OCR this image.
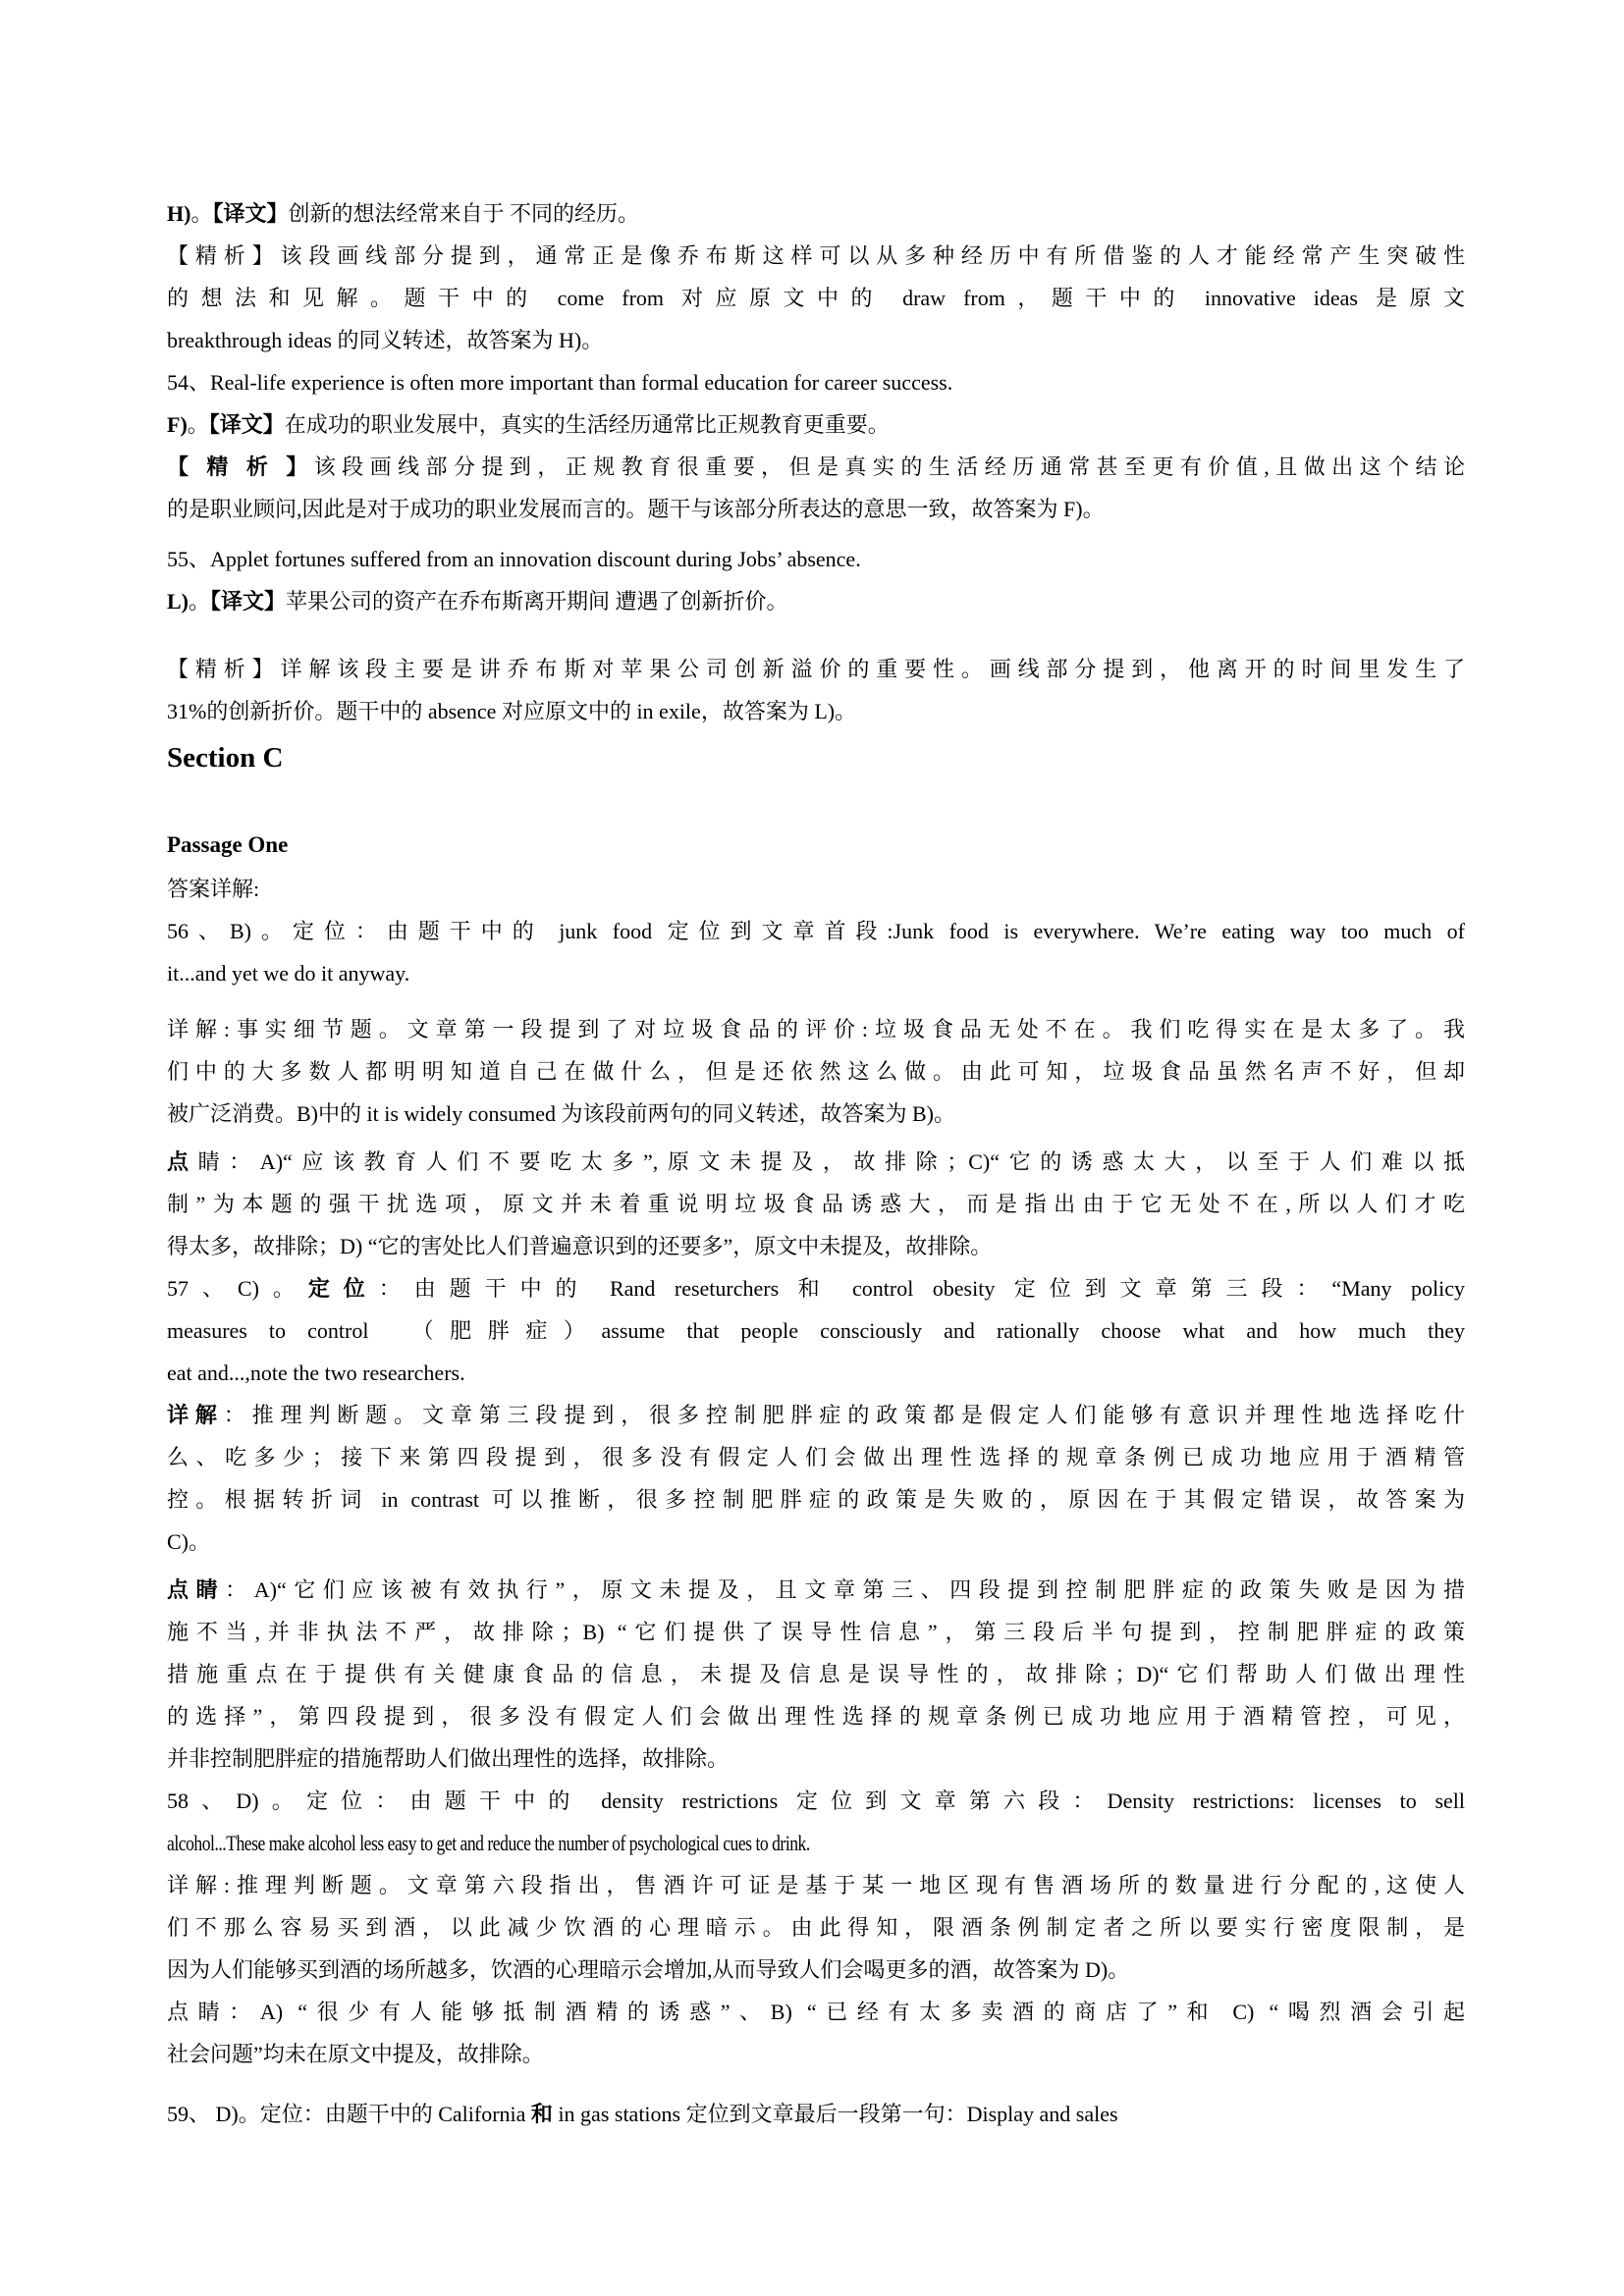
H)。【译文】创新的想法经常来自于 不同的经历。
【精析】该段画线部分提到，通常正是像乔布斯这样可以从多种经历中有所借鉴的人才能经常产生突破性
的想法和见解。题干中的 come from 对应原文中的 draw from，题干中的 innovative ideas 是原文
breakthrough ideas 的同义转述，故答案为 H)。
54、Real-life experience is often more important than formal education for career success.
F)。【译文】在成功的职业发展中，真实的生活经历通常比正规教育更重要。
【 精 析 】该段画线部分提到，正规教育很重要，但是真实的生活经历通常甚至更有价值,且做出这个结论
的是职业顾问,因此是对于成功的职业发展而言的。题干与该部分所表达的意思一致，故答案为 F)。
55、Applet fortunes suffered from an innovation discount during Jobs’ absence.
L)。【译文】苹果公司的资产在乔布斯离开期间 遭遇了创新折价。
【精析】详解该段主要是讲乔布斯对苹果公司创新溢价的重要性。画线部分提到，他离开的时间里发生了
31%的创新折价。题干中的 absence 对应原文中的 in exile，故答案为 L)。
Section C
Passage One
答案详解:
56、B)。定位：由题干中的 junk food 定位到文章首段:Junk food is everywhere. We’re eating way too much of
it...and yet we do it anyway.
详解:事实细节题。文章第一段提到了对垃圾食品的评价:垃圾食品无处不在。我们吃得实在是太多了。我
们中的大多数人都明明知道自己在做什么，但是还依然这么做。由此可知，垃圾食品虽然名声不好，但却
被广泛消费。B)中的 it is widely consumed 为该段前两句的同义转述，故答案为 B)。
点睛：A)“应该教育人们不要吃太多”,原文未提及，故排除；C)“它的诱惑太大，以至于人们难以抵
制”为本题的强干扰选项，原文并未着重说明垃圾食品诱惑大，而是指出由于它无处不在,所以人们才吃
得太多，故排除；D) “它的害处比人们普遍意识到的还要多”，原文中未提及，故排除。
57、C)。定位：由题干中的 Rand reseturchers 和 control obesity 定位到文章第三段：“Many policy
measures to control　（肥胖症）assume that people consciously and rationally choose what and how much they
eat and...,note the two researchers.
详解：推理判断题。文章第三段提到，很多控制肥胖症的政策都是假定人们能够有意识并理性地选择吃什
么、吃多少；接下来第四段提到，很多没有假定人们会做出理性选择的规章条例已成功地应用于酒精管
控。根据转折词 in contrast 可以推断，很多控制肥胖症的政策是失败的，原因在于其假定错误，故答案为
C)。
点睛：A)“它们应该被有效执行”，原文未提及，且文章第三、四段提到控制肥胖症的政策失败是因为措
施不当,并非执法不严，故排除；B) “它们提供了误导性信息”，第三段后半句提到，控制肥胖症的政策
措施重点在于提供有关健康食品的信息，未提及信息是误导性的，故排除；D)“它们帮助人们做出理性
的选择”，第四段提到，很多没有假定人们会做出理性选择的规章条例已成功地应用于酒精管控，可见，
并非控制肥胖症的措施帮助人们做出理性的选择，故排除。
58、D)。定位：由题干中的 density restrictions 定位到文章第六段：Density restrictions: licenses to sell
alcohol...These make alcohol less easy to get and reduce the number of psychological cues to drink.
详解:推理判断题。文章第六段指出，售酒许可证是基于某一地区现有售酒场所的数量进行分配的,这使人
们不那么容易买到酒，以此减少饮酒的心理暗示。由此得知，限酒条例制定者之所以要实行密度限制，是
因为人们能够买到酒的场所越多，饮酒的心理暗示会增加,从而导致人们会喝更多的酒，故答案为 D)。
点睛：A) “很少有人能够抵制酒精的诱惑”、B) “已经有太多卖酒的商店了”和 C) “喝烈酒会引起
社会问题”均未在原文中提及，故排除。
59、 D)。定位：由题干中的 California 和 in gas stations 定位到文章最后一段第一句：Display and sales
